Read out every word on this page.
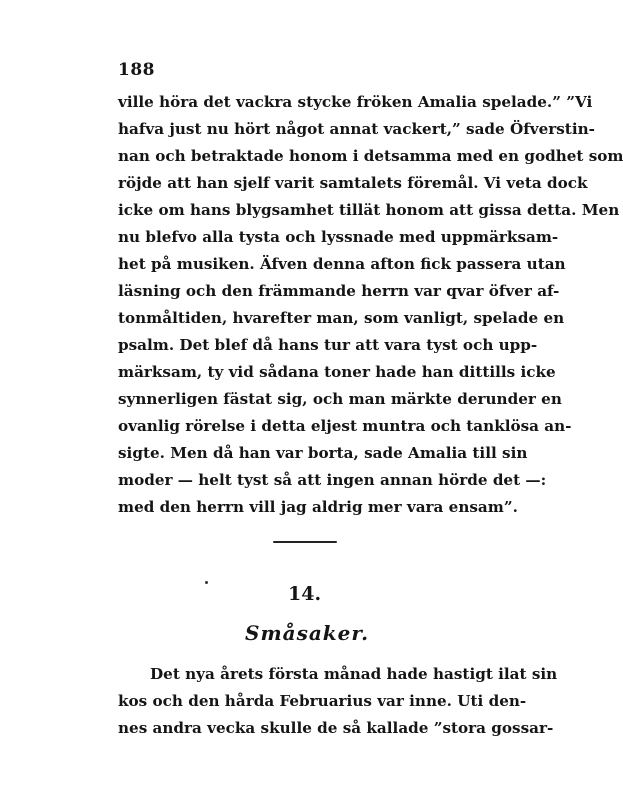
188
ville höra det vackra stycke fröken Amalia spelade.” ”Vi
hafva just nu hört något annat vackert,” sade Öfverstin-
nan och betraktade honom i detsamma med en godhet som
röjde att han sjelf varit samtalets föremål. Vi veta dock
icke om hans blygsamhet tillät honom att gissa detta. Men
nu blefvo alla tysta och lyssnade med uppmärksam-
het på musiken. Äfven denna afton fick passera utan
läsning och den främmande herrn var qvar öfver af-
tonmåltiden, hvarefter man, som vanligt, spelade en
psalm. Det blef då hans tur att vara tyst och upp-
märksam, ty vid sådana toner hade han dittills icke
synnerligen fästat sig, och man märkte derunder en
ovanlig rörelse i detta eljest muntra och tanklösa an-
sigte. Men då han var borta, sade Amalia till sin
moder — helt tyst så att ingen annan hörde det —:
med den herrn vill jag aldrig mer vara ensam”.
14.
Småsaker.
Det nya årets första månad hade hastigt ilat sin
kos och den hårda Februarius var inne. Uti den-
nes andra vecka skulle de så kallade ”stora gossar-
